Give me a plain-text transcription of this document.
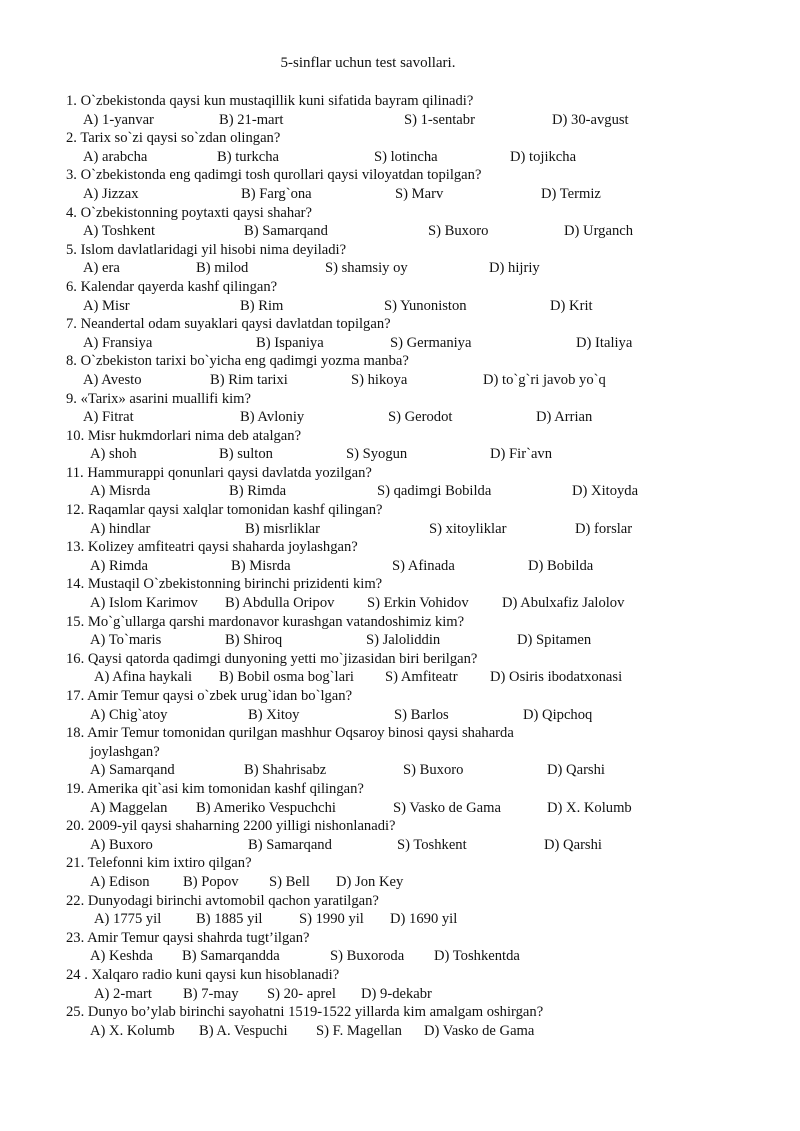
5-sinflar uchun test savollari.
1. O`zbekistonda qaysi kun mustaqillik kuni sifatida bayram qilinadi?
A) 1-yanvar	B) 21-mart	S) 1-sentabr	D) 30-avgust
2. Tarix so`zi qaysi so`zdan olingan?
A) arabcha	B) turkcha	S) lotincha	D) tojikcha
3. O`zbekistonda eng qadimgi tosh qurollari qaysi viloyatdan topilgan?
A) Jizzax	B) Farg`ona	S) Marv	D) Termiz
4. O`zbekistonning poytaxti qaysi shahar?
A) Toshkent	B) Samarqand	S) Buxoro	D) Urganch
5. Islom davlatlaridagi yil hisobi nima deyiladi?
A) era	B) milod	S) shamsiy oy	D) hijriy
6. Kalendar qayerda kashf qilingan?
A) Misr	B) Rim	S) Yunoniston	D) Krit
7. Neandertal odam suyaklari qaysi davlatdan topilgan?
A) Fransiya	B) Ispaniya	S) Germaniya	D) Italiya
8. O`zbekiston tarixi bo`yicha eng qadimgi yozma manba?
A) Avesto	B) Rim tarixi	S) hikoya	D) to`g`ri javob yo`q
9. «Tarix» asarini muallifi kim?
A) Fitrat	B) Avloniy	S) Gerodot	D) Arrian
10. Misr hukmdorlari nima deb atalgan?
A) shoh	B) sulton	S) Syogun	D) Fir`avn
11. Hammurappi qonunlari qaysi davlatda yozilgan?
A) Misrda	B) Rimda	S) qadimgi Bobilda	D) Xitoyda
12. Raqamlar qaysi xalqlar tomonidan kashf qilingan?
A) hindlar	B) misrliklar	S) xitoyliklar	D) forslar
13. Kolizey amfiteatri qaysi shaharda joylashgan?
A) Rimda	B) Misrda	S) Afinada	D) Bobilda
14. Mustaqil O`zbekistonning birinchi prizidenti kim?
A) Islom Karimov B) Abdulla Oripov S) Erkin Vohidov D) Abulxafiz Jalolov
15. Mo`g`ullarga qarshi mardonavor kurashgan vatandoshimiz kim?
A) To`maris	B) Shiroq	S) Jaloliddin	D) Spitamen
16. Qaysi qatorda qadimgi dunyoning yetti mo`jizasidan biri berilgan?
A) Afina haykali B) Bobil osma bog`lari S) Amfiteatr D) Osiris ibodatxonasi
17. Amir Temur qaysi o`zbek urug`idan bo`lgan?
A) Chig`atoy	B) Xitoy	S) Barlos	D) Qipchoq
18. Amir Temur tomonidan qurilgan mashhur Oqsaroy binosi qaysi shaharda
joylashgan?
A) Samarqand	B) Shahrisabz	S) Buxoro	D) Qarshi
19. Amerika qit`asi kim tomonidan kashf qilingan?
A) Maggelan B) Ameriko Vespuchchi	S) Vasko de Gama	D) X. Kolumb
20. 2009-yil qaysi shaharning 2200 yilligi nishonlanadi?
A) Buxoro	B) Samarqand	S) Toshkent	D) Qarshi
21. Telefonni kim ixtiro qilgan?
A) Edison B) Popov S) Bell D) Jon Key
22. Dunyodagi birinchi avtomobil qachon yaratilgan?
A) 1775 yil B) 1885 yil	S) 1990 yil D) 1690 yil
23. Amir Temur qaysi shahrda tugt’ilgan?
A) Keshda B) Samarqandda	S) Buxoroda D) Toshkentda
24 . Xalqaro radio kuni qaysi kun hisoblanadi?
A) 2-mart B) 7-may S) 20- aprel D) 9-dekabr
25. Dunyo bo’ylab birinchi sayohatni 1519-1522 yillarda kim amalgam oshirgan?
A) X. Kolumb B) A. Vespuchi S) F. Magellan D) Vasko de Gama
